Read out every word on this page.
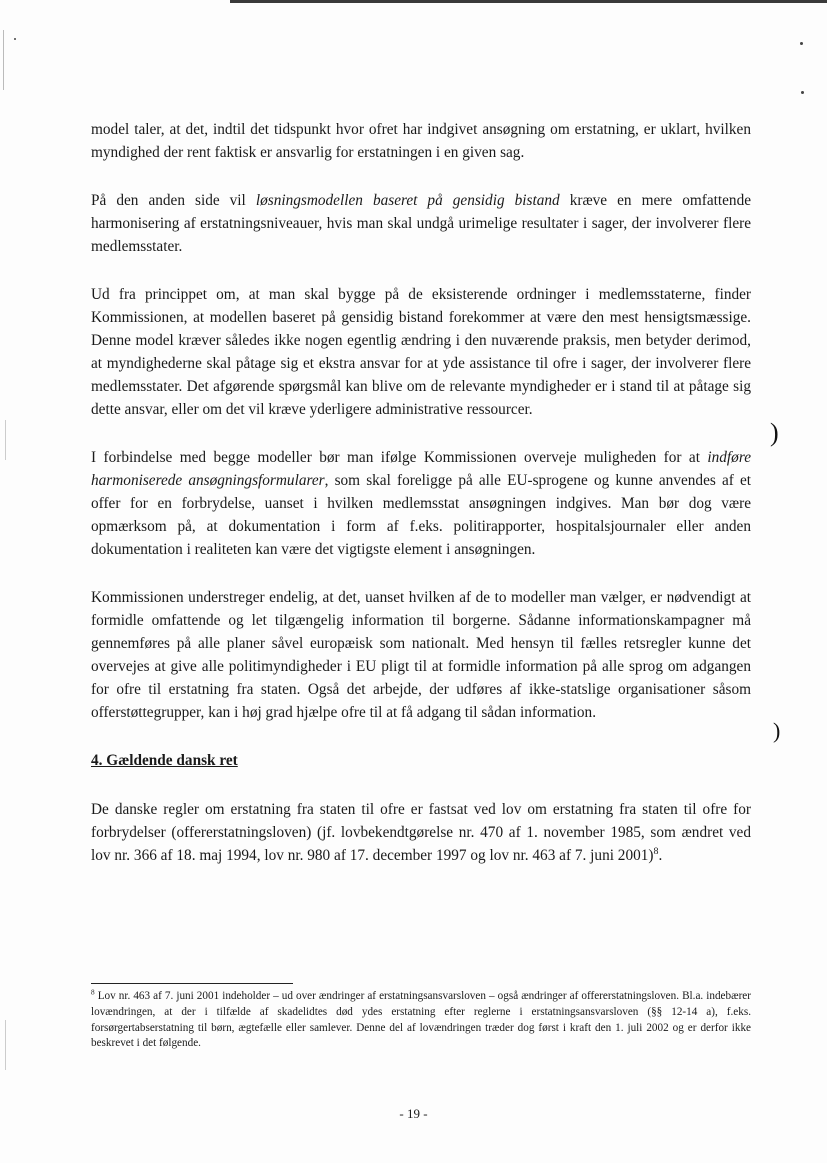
)
)

model taler, at det, indtil det tidspunkt hvor ofret har indgivet ansøgning om erstatning, er uklart, hvilken myndighed der rent faktisk er ansvarlig for erstatningen i en given sag.

På den anden side vil løsningsmodellen baseret på gensidig bistand kræve en mere omfattende harmonisering af erstatningsniveauer, hvis man skal undgå urimelige resultater i sager, der involverer flere medlemsstater.

Ud fra princippet om, at man skal bygge på de eksisterende ordninger i medlemsstaterne, finder Kommissionen, at modellen baseret på gensidig bistand forekommer at være den mest hensigtsmæssige. Denne model kræver således ikke nogen egentlig ændring i den nuværende praksis, men betyder derimod, at myndighederne skal påtage sig et ekstra ansvar for at yde assistance til ofre i sager, der involverer flere medlemsstater. Det afgørende spørgsmål kan blive om de relevante myndigheder er i stand til at påtage sig dette ansvar, eller om det vil kræve yderligere administrative ressourcer.

I forbindelse med begge modeller bør man ifølge Kommissionen overveje muligheden for at indføre harmoniserede ansøgningsformularer, som skal foreligge på alle EU-sprogene og kunne anvendes af et offer for en forbrydelse, uanset i hvilken medlemsstat ansøgningen indgives. Man bør dog være opmærksom på, at dokumentation i form af f.eks. politirapporter, hospitalsjournaler eller anden dokumentation i realiteten kan være det vigtigste element i ansøgningen.

Kommissionen understreger endelig, at det, uanset hvilken af de to modeller man vælger, er nødvendigt at formidle omfattende og let tilgængelig information til borgerne. Sådanne informationskampagner må gennemføres på alle planer såvel europæisk som nationalt. Med hensyn til fælles retsregler kunne det overvejes at give alle politimyndigheder i EU pligt til at formidle information på alle sprog om adgangen for ofre til erstatning fra staten. Også det arbejde, der udføres af ikke-statslige organisationer såsom offerstøttegrupper, kan i høj grad hjælpe ofre til at få adgang til sådan information.

4. Gældende dansk ret

De danske regler om erstatning fra staten til ofre er fastsat ved lov om erstatning fra staten til ofre for forbrydelser (offererstatningsloven) (jf. lovbekendtgørelse nr. 470 af 1. november 1985, som ændret ved lov nr. 366 af 18. maj 1994, lov nr. 980 af 17. december 1997 og lov nr. 463 af 7. juni 2001)$^8$.

$^8$ Lov nr. 463 af 7. juni 2001 indeholder – ud over ændringer af erstatningsansvarsloven – også ændringer af offererstatningsloven. Bl.a. indebærer lovændringen, at der i tilfælde af skadelidtes død ydes erstatning efter reglerne i erstatningsansvarsloven (§§ 12-14 a), f.eks. forsørgertabserstatning til børn, ægtefælle eller samlever. Denne del af lovændringen træder dog først i kraft den 1. juli 2002 og er derfor ikke beskrevet i det følgende.
- 19 -
